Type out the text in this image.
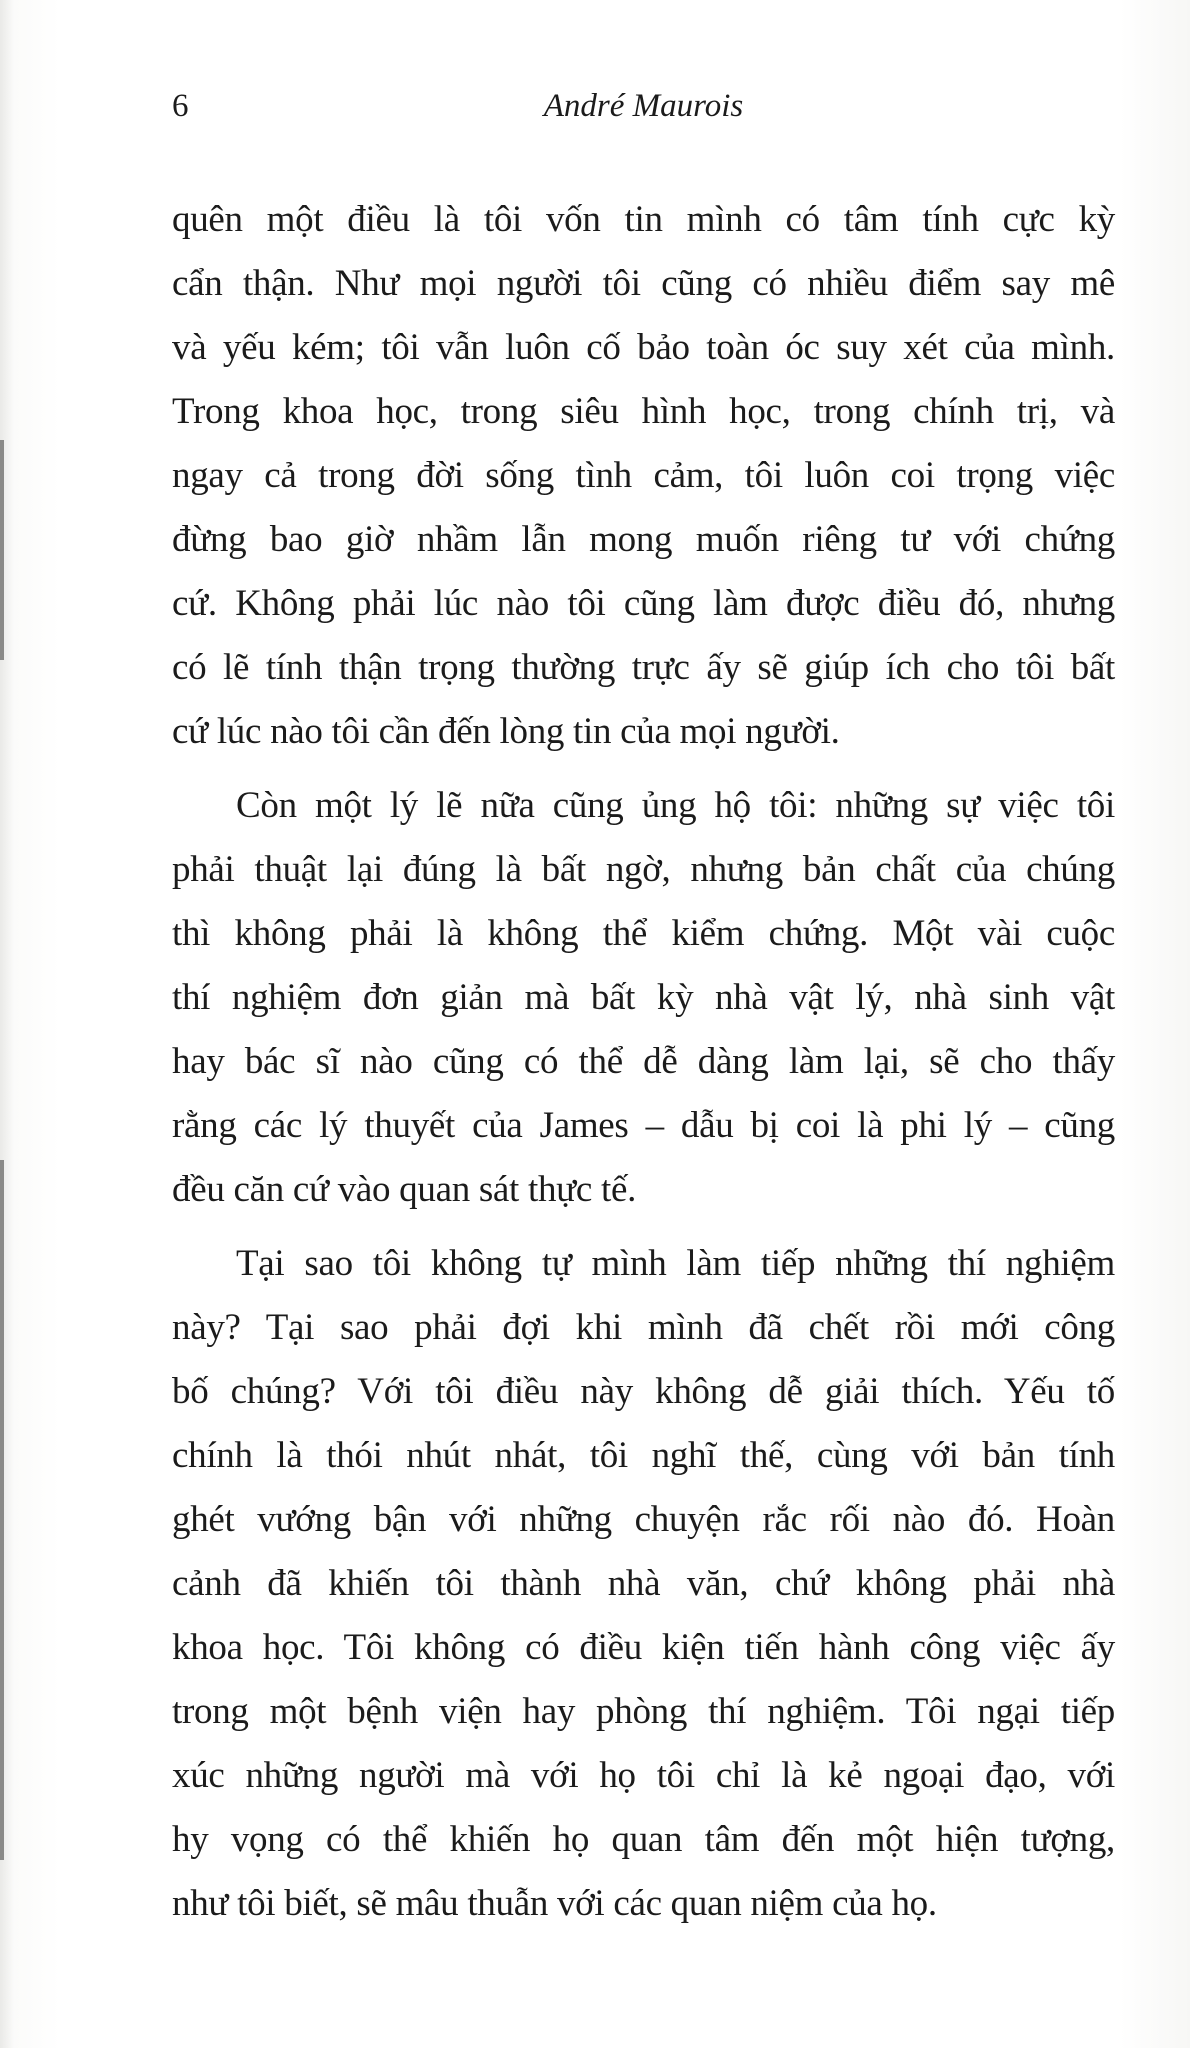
6	André Maurois
quên một điều là tôi vốn tin mình có tâm tính cực kỳ
cẩn thận. Như mọi người tôi cũng có nhiều điểm say mê
và yếu kém; tôi vẫn luôn cố bảo toàn óc suy xét của mình.
Trong khoa học, trong siêu hình học, trong chính trị, và
ngay cả trong đời sống tình cảm, tôi luôn coi trọng việc
đừng bao giờ nhầm lẫn mong muốn riêng tư với chứng
cứ. Không phải lúc nào tôi cũng làm được điều đó, nhưng
có lẽ tính thận trọng thường trực ấy sẽ giúp ích cho tôi bất
cứ lúc nào tôi cần đến lòng tin của mọi người.
Còn một lý lẽ nữa cũng ủng hộ tôi: những sự việc tôi
phải thuật lại đúng là bất ngờ, nhưng bản chất của chúng
thì không phải là không thể kiểm chứng. Một vài cuộc
thí nghiệm đơn giản mà bất kỳ nhà vật lý, nhà sinh vật
hay bác sĩ nào cũng có thể dễ dàng làm lại, sẽ cho thấy
rằng các lý thuyết của James – dẫu bị coi là phi lý – cũng
đều căn cứ vào quan sát thực tế.
Tại sao tôi không tự mình làm tiếp những thí nghiệm
này? Tại sao phải đợi khi mình đã chết rồi mới công
bố chúng? Với tôi điều này không dễ giải thích. Yếu tố
chính là thói nhút nhát, tôi nghĩ thế, cùng với bản tính
ghét vướng bận với những chuyện rắc rối nào đó. Hoàn
cảnh đã khiến tôi thành nhà văn, chứ không phải nhà
khoa học. Tôi không có điều kiện tiến hành công việc ấy
trong một bệnh viện hay phòng thí nghiệm. Tôi ngại tiếp
xúc những người mà với họ tôi chỉ là kẻ ngoại đạo, với
hy vọng có thể khiến họ quan tâm đến một hiện tượng,
như tôi biết, sẽ mâu thuẫn với các quan niệm của họ.
